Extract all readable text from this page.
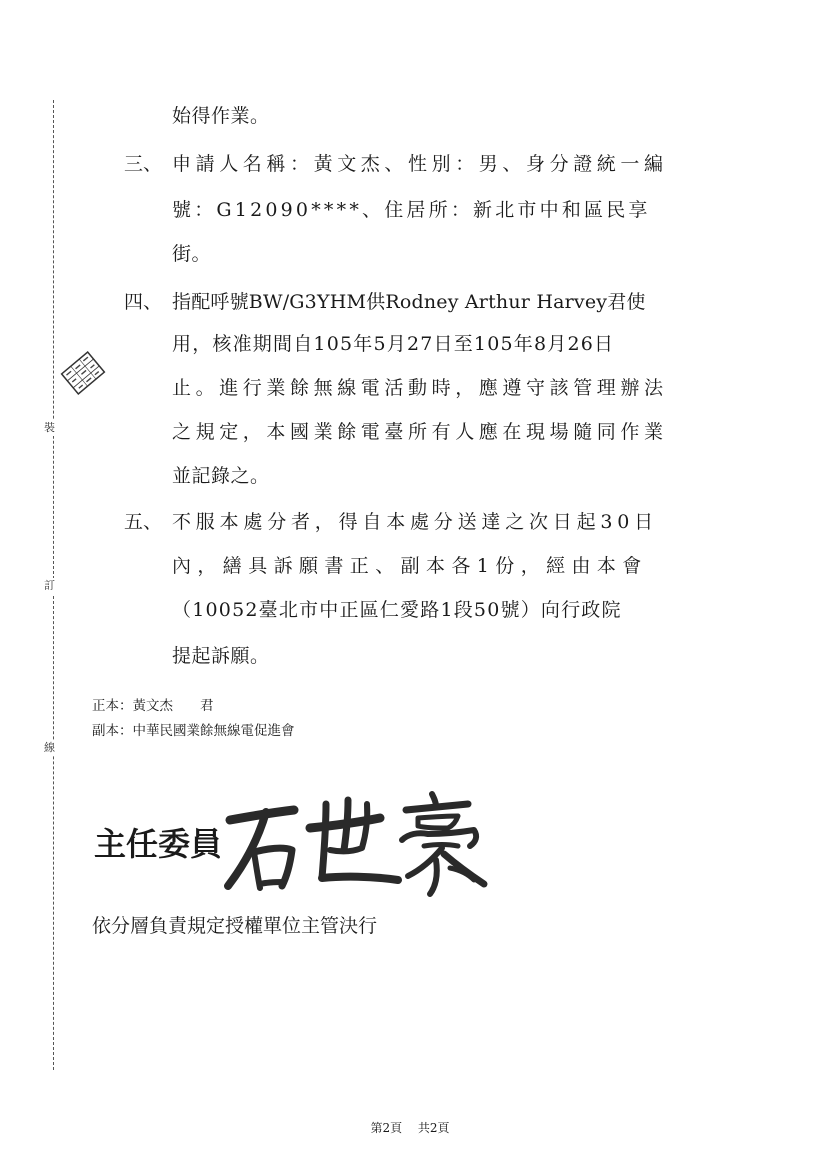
裝
訂
線
始得作業。
三、 申請人名稱：黃文杰、性別：男、身分證統一編
號：G12090****、住居所：新北市中和區民享
街。
四、 指配呼號BW/G3YHM供Rodney Arthur Harvey君使
用，核准期間自105年5月27日至105年8月26日
止。進行業餘無線電活動時，應遵守該管理辦法
之規定，本國業餘電臺所有人應在現場隨同作業
並記錄之。
五、 不服本處分者，得自本處分送達之次日起30日
內，繕具訴願書正、副本各1份，經由本會
（10052臺北市中正區仁愛路1段50號）向行政院
提起訴願。
正本：黃文杰　　君
副本：中華民國業餘無線電促進會
主任委員
依分層負責規定授權單位主管決行
第2頁 共2頁
